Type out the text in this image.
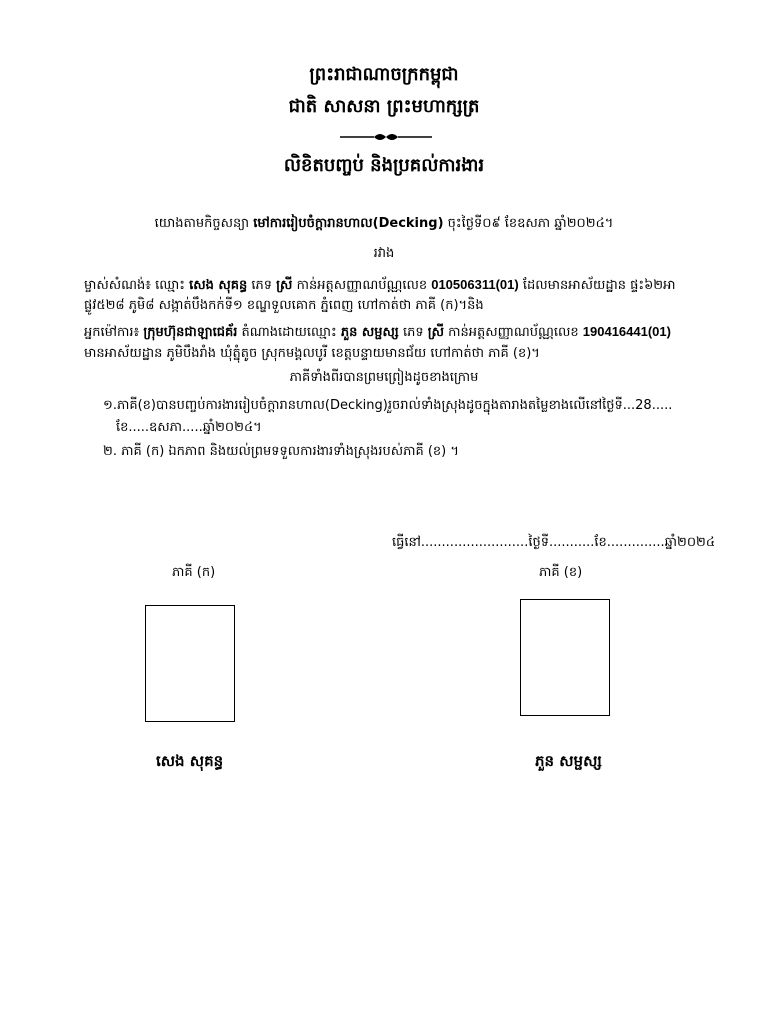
ព្រះរាជាណាចក្រកម្ពុជា
ជាតិ សាសនា ព្រះមហាក្សត្រ
លិខិតបញ្ចប់ និងប្រគល់ការងារ
យោងតាមកិច្ចសន្យា មៅការរៀបចំក្ដារានហាល(Decking) ចុះថ្ងៃទី០៩ ខែឧសភា ឆ្នាំ២០២៤។
រវាង
ម្ចាស់សំណង់៖ ឈ្មោះ សេង សុគន្ធ ភេទ ស្រី កាន់អត្តសញ្ញាណប័ណ្ណលេខ 010506311(01) ដែលមានអាស័យដ្ឋាន ផ្ទះ៦២អា
ផ្លូវ៥២៨ ភូមិ៨ សង្កាត់បឹងកក់ទី១ ខណ្ឌទួលគោក ភ្នំពេញ ហៅកាត់ថា ភាគី (ក)។និង
អ្នកម៉ៅការ៖ ក្រុមហ៊ុនជាឡាជេគ័រ តំណាងដោយឈ្មោះ ភួន សម្ផស្ស ភេទ ស្រី កាន់អត្តសញ្ញាណប័ណ្ណលេខ 190416441(01)
មានអាស័យដ្ឋាន ភូមិបឹងរាំង ឃុំត្នុំតូច ស្រុកមង្គលបូរី ខេត្តបន្ទាយមានជ័យ ហៅកាត់ថា ភាគី (ខ)។
ភាគីទាំងពីរបានព្រមព្រៀងដូចខាងក្រោម
១.ភាគី(ខ)បានបញ្ចប់ការងាររៀបចំក្ដារានហាល(Decking)រួចរាល់ទាំងស្រុងដូចក្នុងតារាងតម្លៃខាងលើនៅថ្ងៃទី...28.....
ខែ.....ឧសភា.....ឆ្នាំ២០២៤។
២. ភាគី (ក) ឯកភាព និងយល់ព្រមទទួលការងារទាំងស្រុងរបស់ភាគី (ខ) ។
ធ្វើនៅ..........................ថ្ងៃទី...........ខែ..............ឆ្នាំ២០២៤
ភាគី (ក)	ភាគី (ខ)
សេង សុគន្ធ	ភួន សម្ផស្ស
